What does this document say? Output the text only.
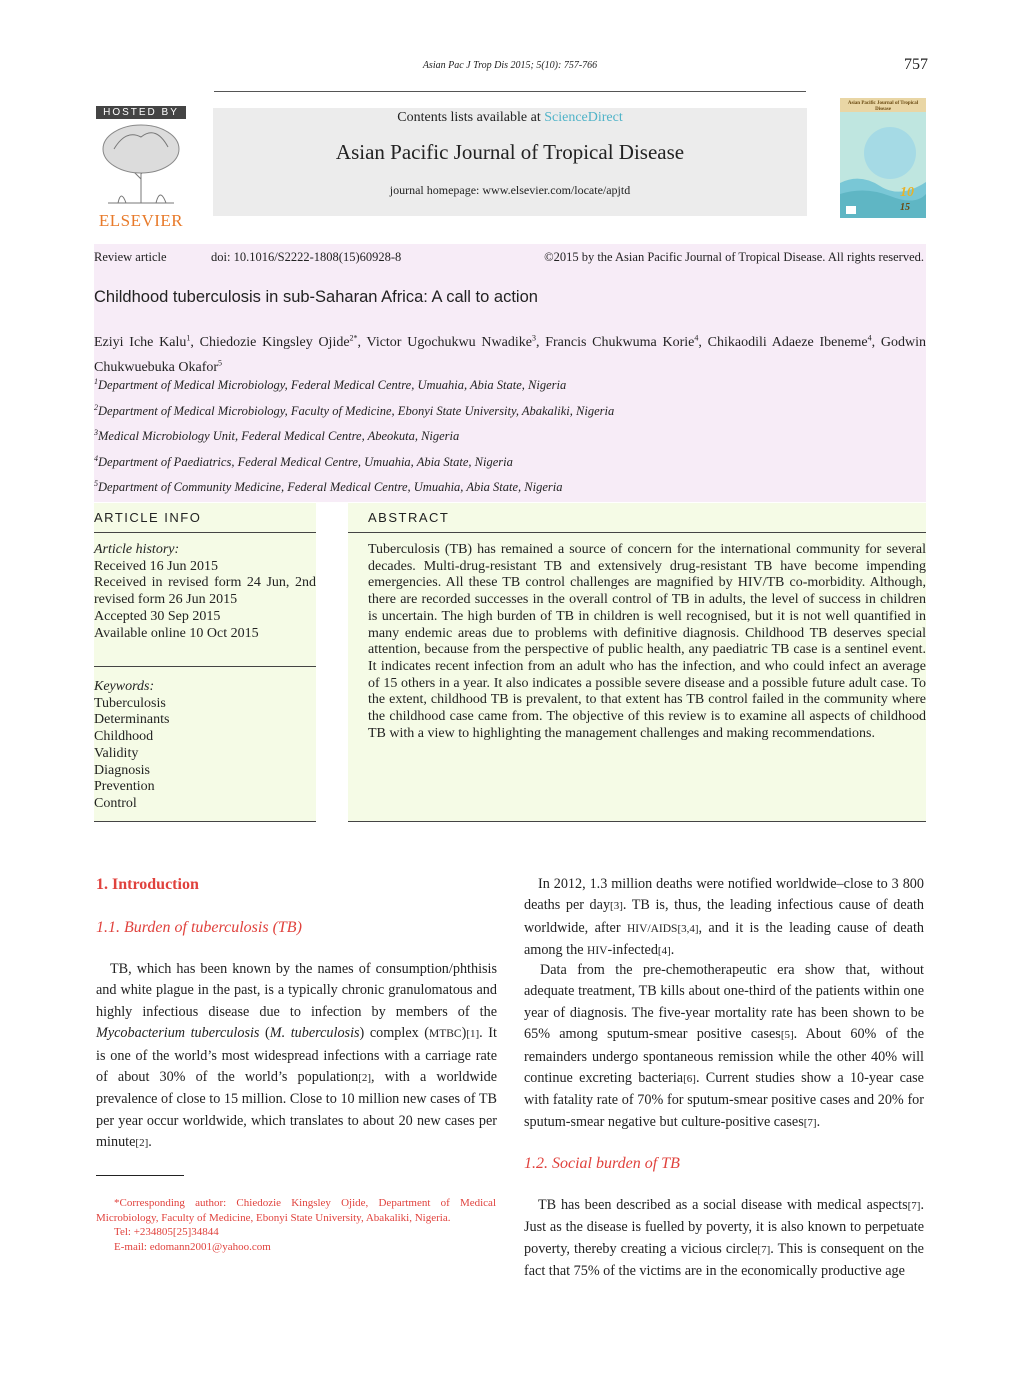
Asian Pac J Trop Dis 2015; 5(10): 757-766	757
HOSTED BY
ELSEVIER
Contents lists available at ScienceDirect
Asian Pacific Journal of Tropical Disease
journal homepage: www.elsevier.com/locate/apjtd
Asian Pacific Journal of Tropical Disease
10
15
Review article	doi: 10.1016/S2222-1808(15)60928-8	©2015 by the Asian Pacific Journal of Tropical Disease. All rights reserved.
Childhood tuberculosis in sub-Saharan Africa: A call to action
Eziyi Iche Kalu$^1$, Chiedozie Kingsley Ojide$^{2*}$, Victor Ugochukwu Nwadike$^3$, Francis Chukwuma Korie$^4$, Chikaodili Adaeze Ibeneme$^4$, Godwin Chukwuebuka Okafor$^5$
$^1$Department of Medical Microbiology, Federal Medical Centre, Umuahia, Abia State, Nigeria
$^2$Department of Medical Microbiology, Faculty of Medicine, Ebonyi State University, Abakaliki, Nigeria
$^3$Medical Microbiology Unit, Federal Medical Centre, Abeokuta, Nigeria
$^4$Department of Paediatrics, Federal Medical Centre, Umuahia, Abia State, Nigeria
$^5$Department of Community Medicine, Federal Medical Centre, Umuahia, Abia State, Nigeria
ARTICLE INFO
Article history:
Received 16 Jun 2015
Received in revised form 24 Jun, 2nd revised form 26 Jun 2015
Accepted 30 Sep 2015
Available online 10 Oct 2015
Keywords:
Tuberculosis
Determinants
Childhood
Validity
Diagnosis
Prevention
Control
ABSTRACT
Tuberculosis (TB) has remained a source of concern for the international community for several decades. Multi-drug-resistant TB and extensively drug-resistant TB have become impending emergencies. All these TB control challenges are magnified by HIV/TB co-morbidity. Although, there are recorded successes in the overall control of TB in adults, the level of success in children is uncertain. The high burden of TB in children is well recognised, but it is not well quantified in many endemic areas due to problems with definitive diagnosis. Childhood TB deserves special attention, because from the perspective of public health, any paediatric TB case is a sentinel event. It indicates recent infection from an adult who has the infection, and who could infect an average of 15 others in a year. It also indicates a possible severe disease and a possible future adult case. To the extent, childhood TB is prevalent, to that extent has TB control failed in the community where the childhood case came from. The objective of this review is to examine all aspects of childhood TB with a view to highlighting the management challenges and making recommendations.
1. Introduction
1.1. Burden of tuberculosis (TB)
TB, which has been known by the names of consumption/phthisis and white plague in the past, is a typically chronic granulomatous and highly infectious disease due to infection by members of the Mycobacterium tuberculosis (M. tuberculosis) complex (MTBC)[1]. It is one of the world’s most widespread infections with a carriage rate of about 30% of the world’s population[2], with a worldwide prevalence of close to 15 million. Close to 10 million new cases of TB per year occur worldwide, which translates to about 20 new cases per minute[2].
*Corresponding author: Chiedozie Kingsley Ojide, Department of Medical Microbiology, Faculty of Medicine, Ebonyi State University, Abakaliki, Nigeria.
Tel: +234805[25]34844
E-mail: edomann2001@yahoo.com
In 2012, 1.3 million deaths were notified worldwide–close to 3 800 deaths per day[3]. TB is, thus, the leading infectious cause of death worldwide, after HIV/AIDS[3,4], and it is the leading cause of death among the HIV-infected[4].
Data from the pre-chemotherapeutic era show that, without adequate treatment, TB kills about one-third of the patients within one year of diagnosis. The five-year mortality rate has been shown to be 65% among sputum-smear positive cases[5]. About 60% of the remainders undergo spontaneous remission while the other 40% will continue excreting bacteria[6]. Current studies show a 10-year case with fatality rate of 70% for sputum-smear positive cases and 20% for sputum-smear negative but culture-positive cases[7].
1.2. Social burden of TB
TB has been described as a social disease with medical aspects[7]. Just as the disease is fuelled by poverty, it is also known to perpetuate poverty, thereby creating a vicious circle[7]. This is consequent on the fact that 75% of the victims are in the economically productive age
